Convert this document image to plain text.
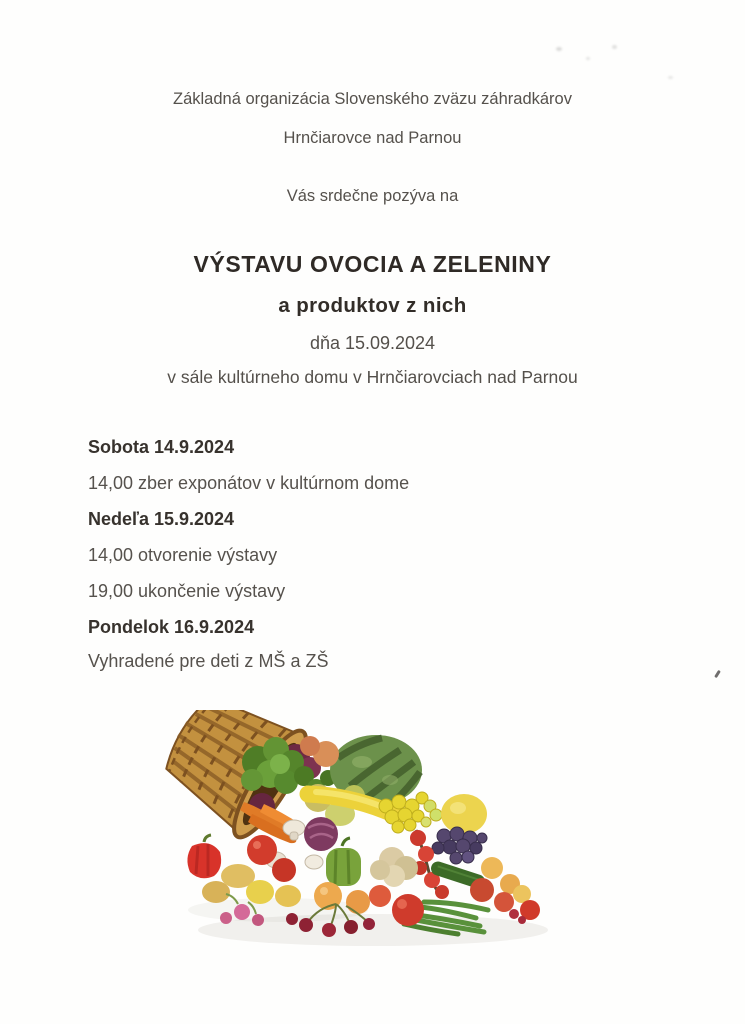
Základná organizácia Slovenského zväzu záhradkárov
Hrnčiarovce nad Parnou
Vás srdečne pozýva na
VÝSTAVU OVOCIA A ZELENINY
a produktov z nich
dňa 15.09.2024
v sále kultúrneho domu v Hrnčiarovciach nad Parnou
Sobota 14.9.2024
14,00 zber exponátov v kultúrnom dome
Nedeľa 15.9.2024
14,00 otvorenie výstavy
19,00 ukončenie výstavy
Pondelok 16.9.2024
Vyhradené pre deti z MŠ a ZŠ
